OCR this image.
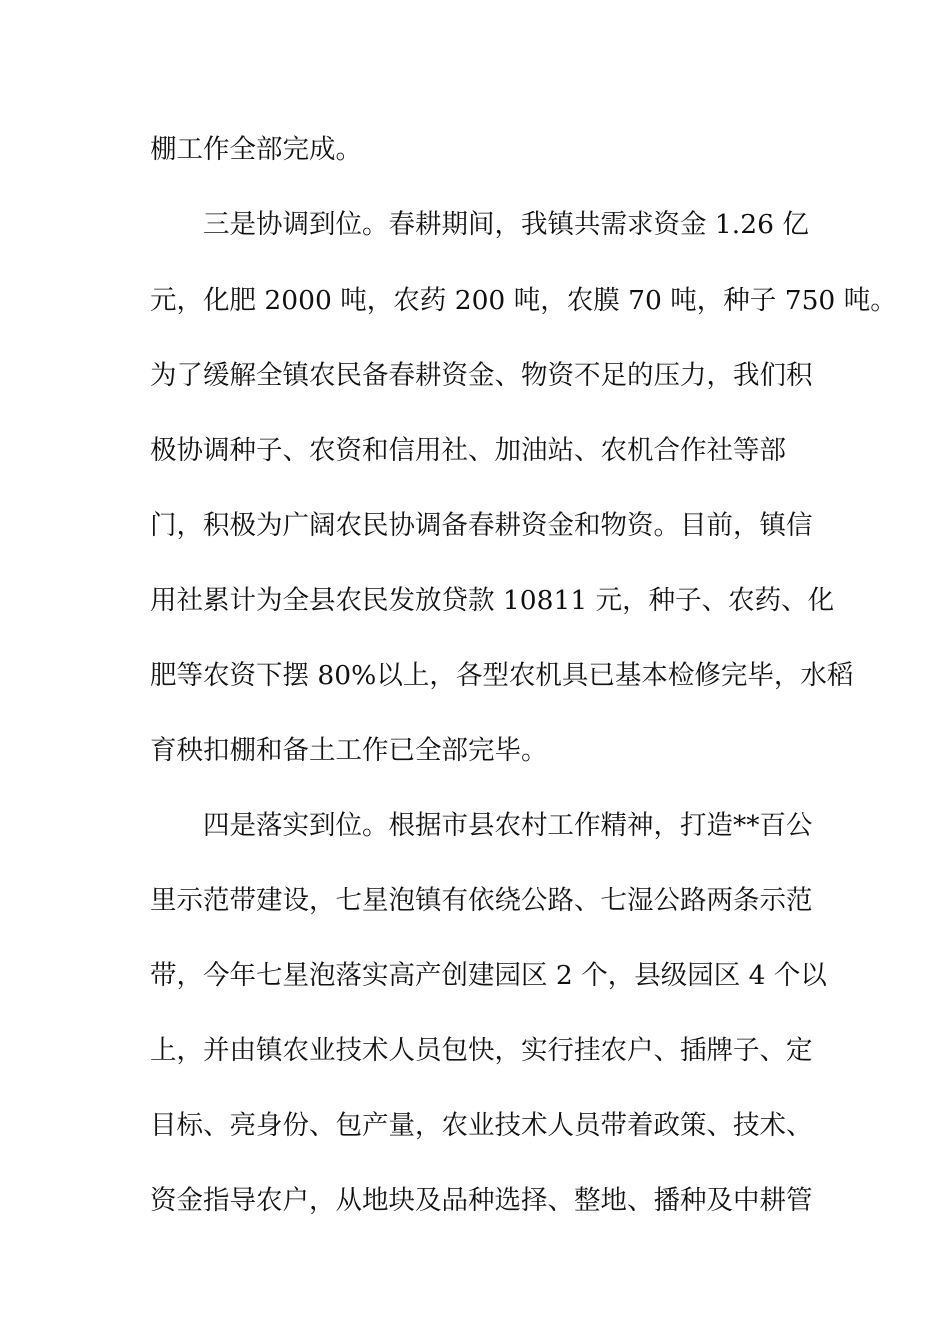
棚工作全部完成。

三是协调到位。春耕期间，我镇共需求资金 1.26 亿

元，化肥 2000 吨，农药 200 吨，农膜 70 吨，种子 750 吨。

为了缓解全镇农民备春耕资金、物资不足的压力，我们积

极协调种子、农资和信用社、加油站、农机合作社等部

门，积极为广阔农民协调备春耕资金和物资。目前，镇信

用社累计为全县农民发放贷款 10811 元，种子、农药、化

肥等农资下摆 80%以上，各型农机具已基本检修完毕，水稻

育秧扣棚和备土工作已全部完毕。

四是落实到位。根据市县农村工作精神，打造**百公

里示范带建设，七星泡镇有依绕公路、七湿公路两条示范

带，今年七星泡落实高产创建园区 2 个，县级园区 4 个以

上，并由镇农业技术人员包快，实行挂农户、插牌子、定

目标、亮身份、包产量，农业技术人员带着政策、技术、

资金指导农户，从地块及品种选择、整地、播种及中耕管
